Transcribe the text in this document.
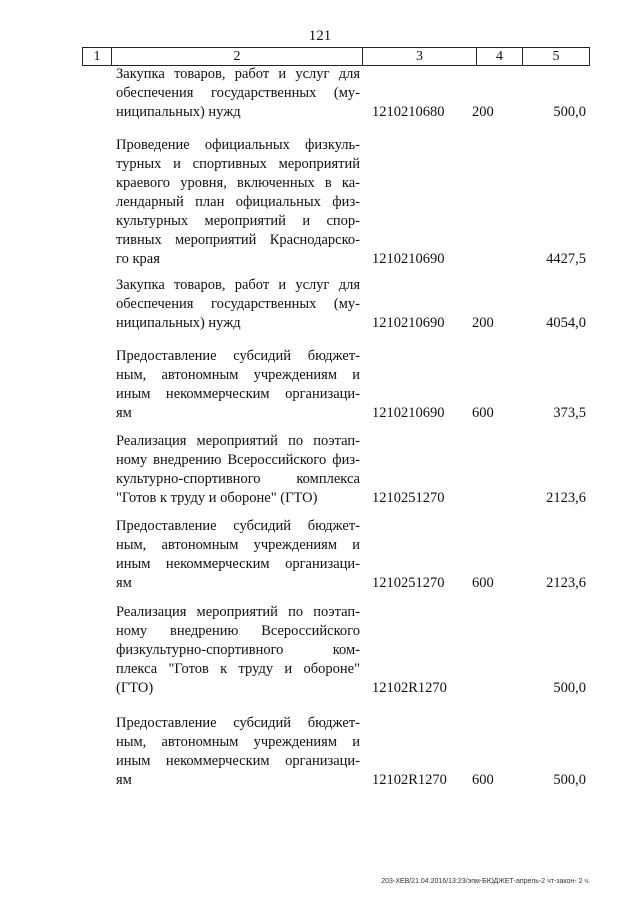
121
1	2	3	4	5
Закупка товаров, работ и услуг для
обеспечения государственных (му-
ниципальных) нужд	1210210680 200	500,0
Проведение официальных физкуль-
турных и спортивных мероприятий
краевого уровня, включенных в ка-
лендарный план официальных физ-
культурных мероприятий и спор-
тивных мероприятий Краснодарско-
го края	1210210690	4427,5
Закупка товаров, работ и услуг для
обеспечения государственных (му-
ниципальных) нужд	1210210690 200	4054,0
Предоставление субсидий бюджет-
ным, автономным учреждениям и
иным некоммерческим организаци-
ям	1210210690 600	373,5
Реализация мероприятий по поэтап-
ному внедрению Всероссийского физ-
культурно-спортивного комплекса
"Готов к труду и обороне" (ГТО)	1210251270	2123,6
Предоставление субсидий бюджет-
ным, автономным учреждениям и
иным некоммерческим организаци-
ям	1210251270 600	2123,6
Реализация мероприятий по поэтап-
ному внедрению Всероссийского
физкультурно-спортивного ком-
плекса "Готов к труду и обороне"
(ГТО)	12102R1270	500,0
Предоставление субсидий бюджет-
ным, автономным учреждениям и
иным некоммерческим организаци-
ям	12102R1270 600	500,0
203-ХЕВ/21.04.2016/13:23/эпм-БЮДЖЕТ-апрель-2 чт-закон- 2 ч.
